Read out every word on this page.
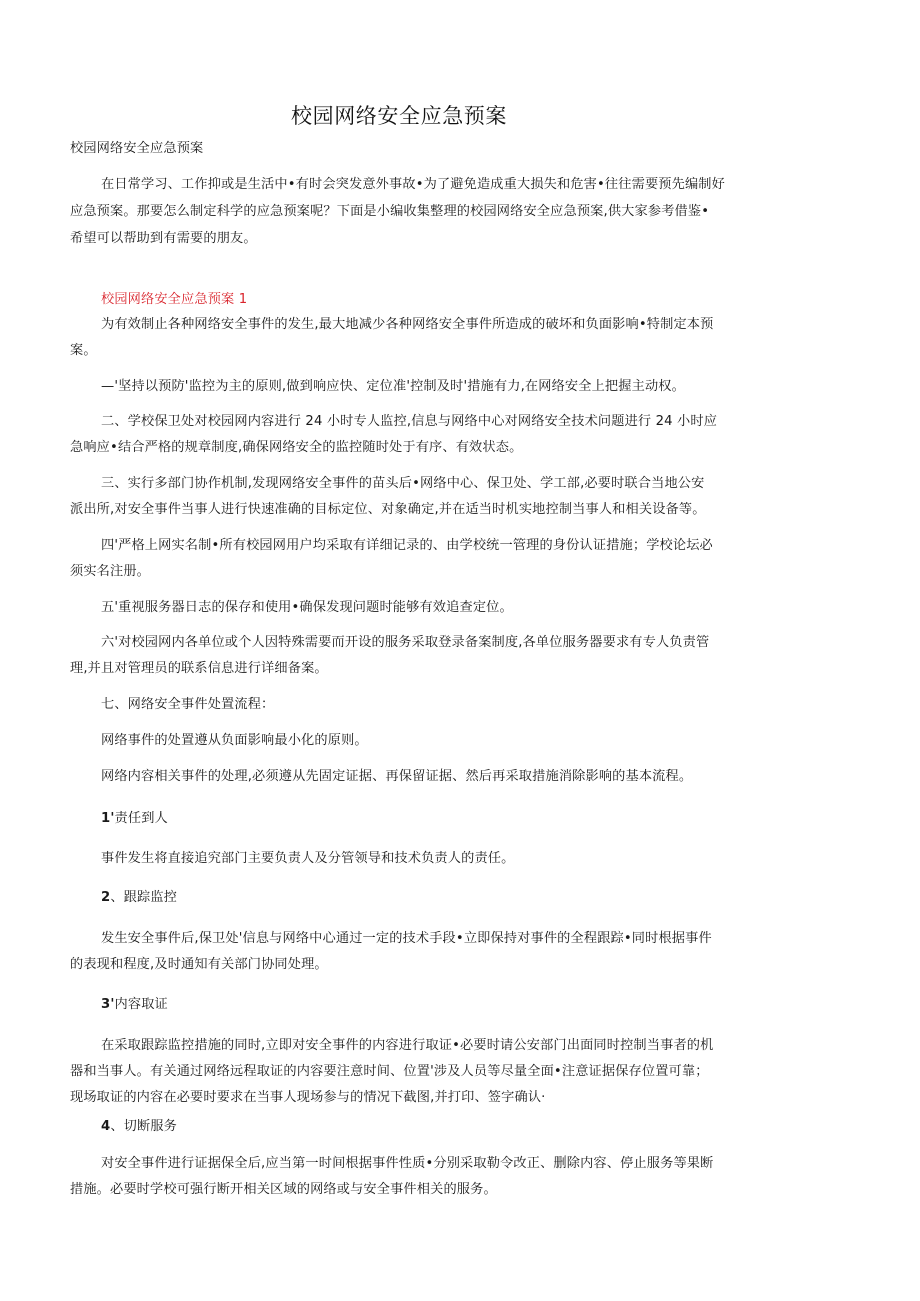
校园网络安全应急预案

校园网络安全应急预案

在日常学习、工作抑或是生活中•有时会突发意外事故•为了避免造成重大损失和危害•往往需要预先编制好

应急预案。那要怎么制定科学的应急预案呢？下面是小编收集整理的校园网络安全应急预案,供大家参考借鉴•

希望可以帮助到有需要的朋友。

校园网络安全应急预案 1

为有效制止各种网络安全事件的发生,最大地减少各种网络安全事件所造成的破坏和负面影响•特制定本预

案。

—'坚持以预防'监控为主的原则,做到响应快、定位准'控制及时'措施有力,在网络安全上把握主动权。

二、学校保卫处对校园网内容进行 24 小时专人监控,信息与网络中心对网络安全技术问题进行 24 小时应

急响应•结合严格的规章制度,确保网络安全的监控随时处于有序、有效状态。

三、实行多部门协作机制,发现网络安全事件的苗头后•网络中心、保卫处、学工部,必要时联合当地公安

派出所,对安全事件当事人进行快速准确的目标定位、对象确定,并在适当时机实地控制当事人和相关设备等。

四'严格上网实名制•所有校园网用户均采取有详细记录的、由学校统一管理的身份认证措施；学校论坛必

须实名注册。

五'重视服务器日志的保存和使用•确保发现问题时能够有效追查定位。

六'对校园网内各单位或个人因特殊需要而开设的服务采取登录备案制度,各单位服务器要求有专人负责管

理,并且对管理员的联系信息进行详细备案。

七、网络安全事件处置流程：

网络事件的处置遵从负面影响最小化的原则。

网络内容相关事件的处理,必须遵从先固定证据、再保留证据、然后再采取措施消除影响的基本流程。

1'责任到人

事件发生将直接追究部门主要负责人及分管领导和技术负责人的责任。

2、跟踪监控

发生安全事件后,保卫处'信息与网络中心通过一定的技术手段•立即保持对事件的全程跟踪•同时根据事件

的表现和程度,及时通知有关部门协同处理。

3'内容取证

在采取跟踪监控措施的同时,立即对安全事件的内容进行取证•必要时请公安部门出面同时控制当事者的机

器和当事人。有关通过网络远程取证的内容要注意时间、位置'涉及人员等尽量全面•注意证据保存位置可靠；

现场取证的内容在必要时要求在当事人现场参与的情况下截图,并打印、签字确认·

4、切断服务

对安全事件进行证据保全后,应当第一时间根据事件性质•分别采取勒令改正、删除内容、停止服务等果断

措施。必要时学校可强行断开相关区域的网络或与安全事件相关的服务。
